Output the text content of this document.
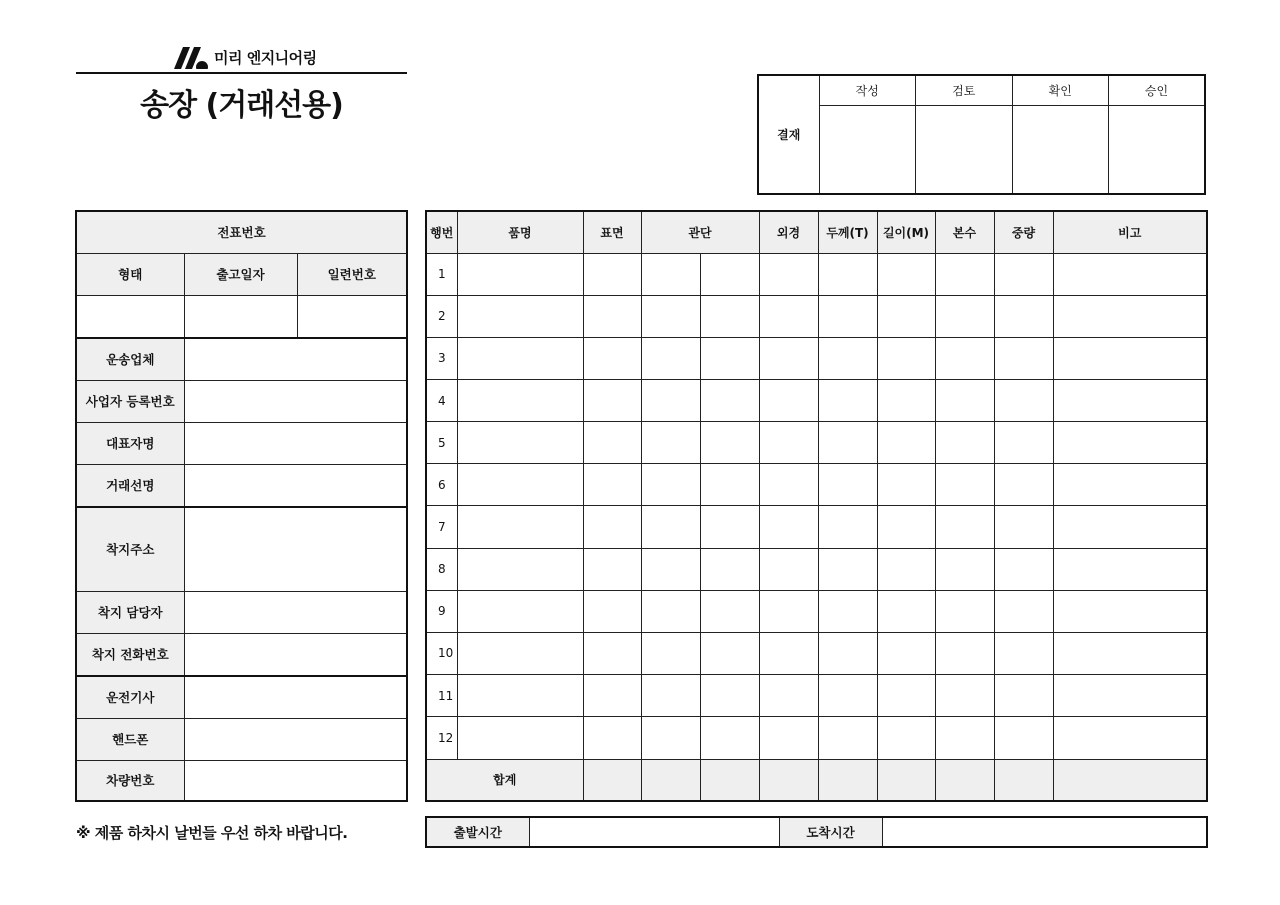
미리 엔지니어링
송장 (거래선용)
결재	작성	검토	확인	승인

전표번호		
형태	출고일자	일련번호

운송업체		
사업자 등록번호		
대표자명		
거래선명		
착지주소		
착지 담당자		
착지 전화번호		
운전기사		
핸드폰		
차량번호		
행번	품명	표면	관단		외경	두께(T)	길이(M)	본수	중량	비고
1										
2										
3										
4										
5										
6										
7										
8										
9										
10										
11										
12										
합계										
※ 제품 하차시 날번들 우선 하차 바랍니다.	출발시간		도착시간	
